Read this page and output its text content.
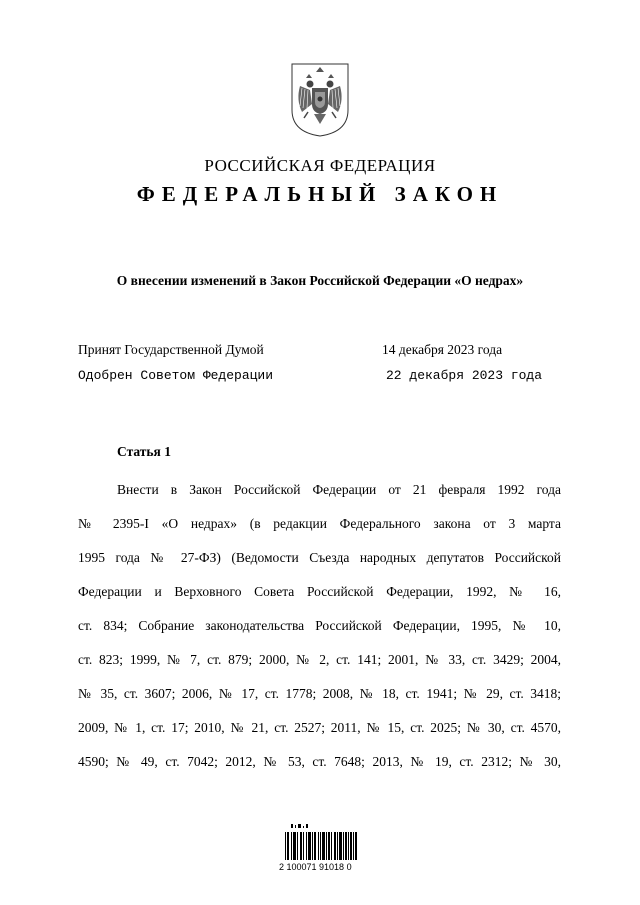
РОССИЙСКАЯ ФЕДЕРАЦИЯ
ФЕДЕРАЛЬНЫЙ ЗАКОН
О внесении изменений в Закон Российской Федерации «О недрах»
Принят Государственной Думой	14 декабря 2023 года
Одобрен Советом Федерации	22 декабря 2023 года
Статья 1
Внести в Закон Российской Федерации от 21 февраля 1992 года
№ 2395-I «О недрах» (в редакции Федерального закона от 3 марта
1995 года № 27-ФЗ) (Ведомости Съезда народных депутатов Российской
Федерации и Верховного Совета Российской Федерации, 1992, № 16,
ст. 834; Собрание законодательства Российской Федерации, 1995, № 10,
ст. 823; 1999, № 7, ст. 879; 2000, № 2, ст. 141; 2001, № 33, ст. 3429; 2004,
№ 35, ст. 3607; 2006, № 17, ст. 1778; 2008, № 18, ст. 1941; № 29, ст. 3418;
2009, № 1, ст. 17; 2010, № 21, ст. 2527; 2011, № 15, ст. 2025; № 30, ст. 4570,
4590; № 49, ст. 7042; 2012, № 53, ст. 7648; 2013, № 19, ст. 2312; № 30,
2 100071 91018 0
